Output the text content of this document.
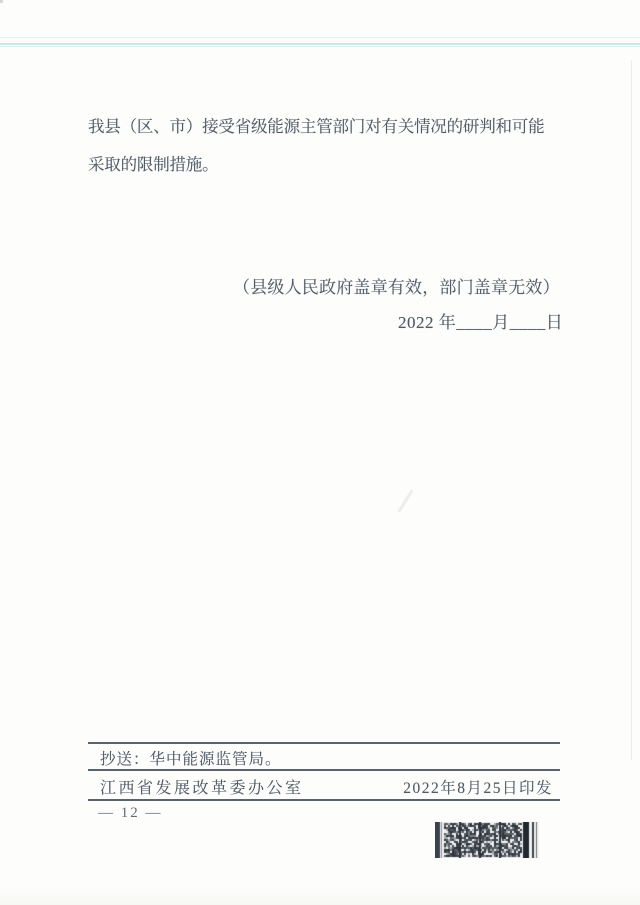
我县（区、市）接受省级能源主管部门对有关情况的研判和可能
采取的限制措施。
（县级人民政府盖章有效，部门盖章无效）
2022 年____月____日
抄送：华中能源监管局。
江西省发展改革委办公室	2022年8月25日印发
— 12 —
